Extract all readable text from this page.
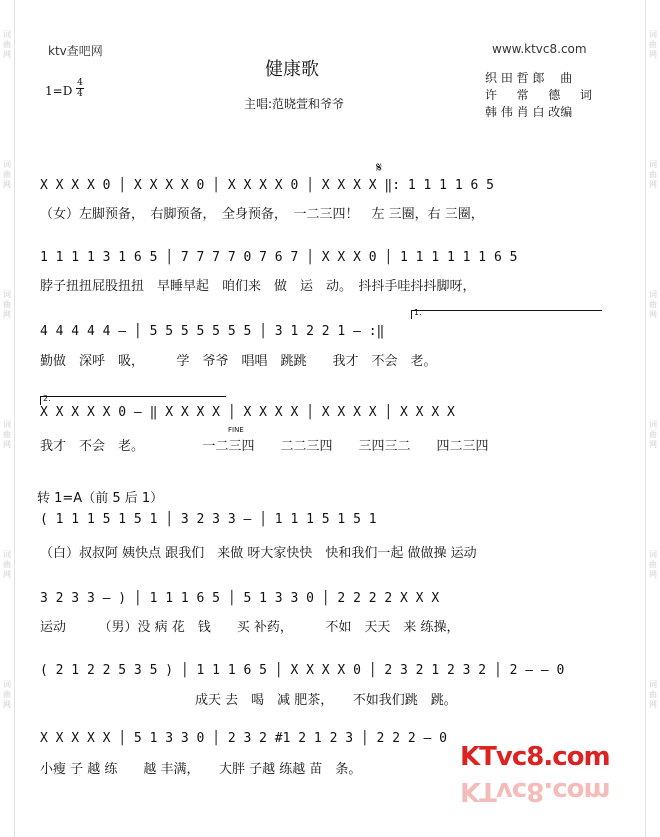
词
曲
网
词
曲
网
词
曲
网
词
曲
网
词
曲
网
词
曲
网
词
曲
网
词
曲
网
词
曲
网
词
曲
网
词
曲
网
词
曲
网
ktv查吧网	www.ktvc8.com
健康歌
1=D
4
4
主唱:范晓萱和爷爷
织 田 哲 郎 　曲
许 　 常 　 德 　 词
韩 伟 肖 白 改编
𝄋
X X X X 0 │ X X X X 0 │ X X X X 0 │ X X X X ‖: 1 1 1 1 6 5
（女）左脚预备，　右脚预备，　全身预备，　一二三四！　左 三圈，右 三圈，
1 1 1 1 3 1 6 5 │ 7 7 7 7 0 7 6 7 │ X X X 0 │ 1 1 1 1 1 1 6 5
脖子扭扭屁股扭扭　早睡早起　咱们来　做　运　动。　抖抖手哇抖抖脚呀，
1.
4 4 4 4 4 – │ 5 5 5 5 5 5 5 │ 3 1 2 2 1 – :‖
勤做　深呼　吸，　　　学　爷爷　唱唱　跳跳　　我才　不会　老。
2.
X X X X X 0 – ‖ X X X X │ X X X X │ X X X X │ X X X X
FINE
我才　不会　老。　　　　　一二三四　　二二三四　　三四三二　　四二三四
转 1=A（前 5 后 1）
( 1 1 1 5 1 5 1 │ 3 2 3 3 – │ 1 1 1 5 1 5 1
（白）叔叔阿 姨快点 跟我们　来做 呀大家快快　快和我们一起 做做操 运动
3 2 3 3 – ) │ 1 1 1 6 5 │ 5 1 3 3 0 │ 2 2 2 2 X X X
运动　　　（男）没 病 花　钱　　买 补药，　　　不如　天天　来 练操，
( 2 1 2 2 5 3 5 ) │ 1 1 1 6 5 │ X X X X 0 │ 2 3 2 1 2 3 2 │ 2 – – 0
成天 去　喝　减 肥茶，　　不如我们跳　跳。
X X X X X │ 5 1 3 3 0 │ 2 3 2 #1 2 1 2 3 │ 2 2 2 – 0
小瘦 子 越 练　　越 丰满，　　大胖 子越 练越 苗　条。	KTvc8.com
KTvc8.com
